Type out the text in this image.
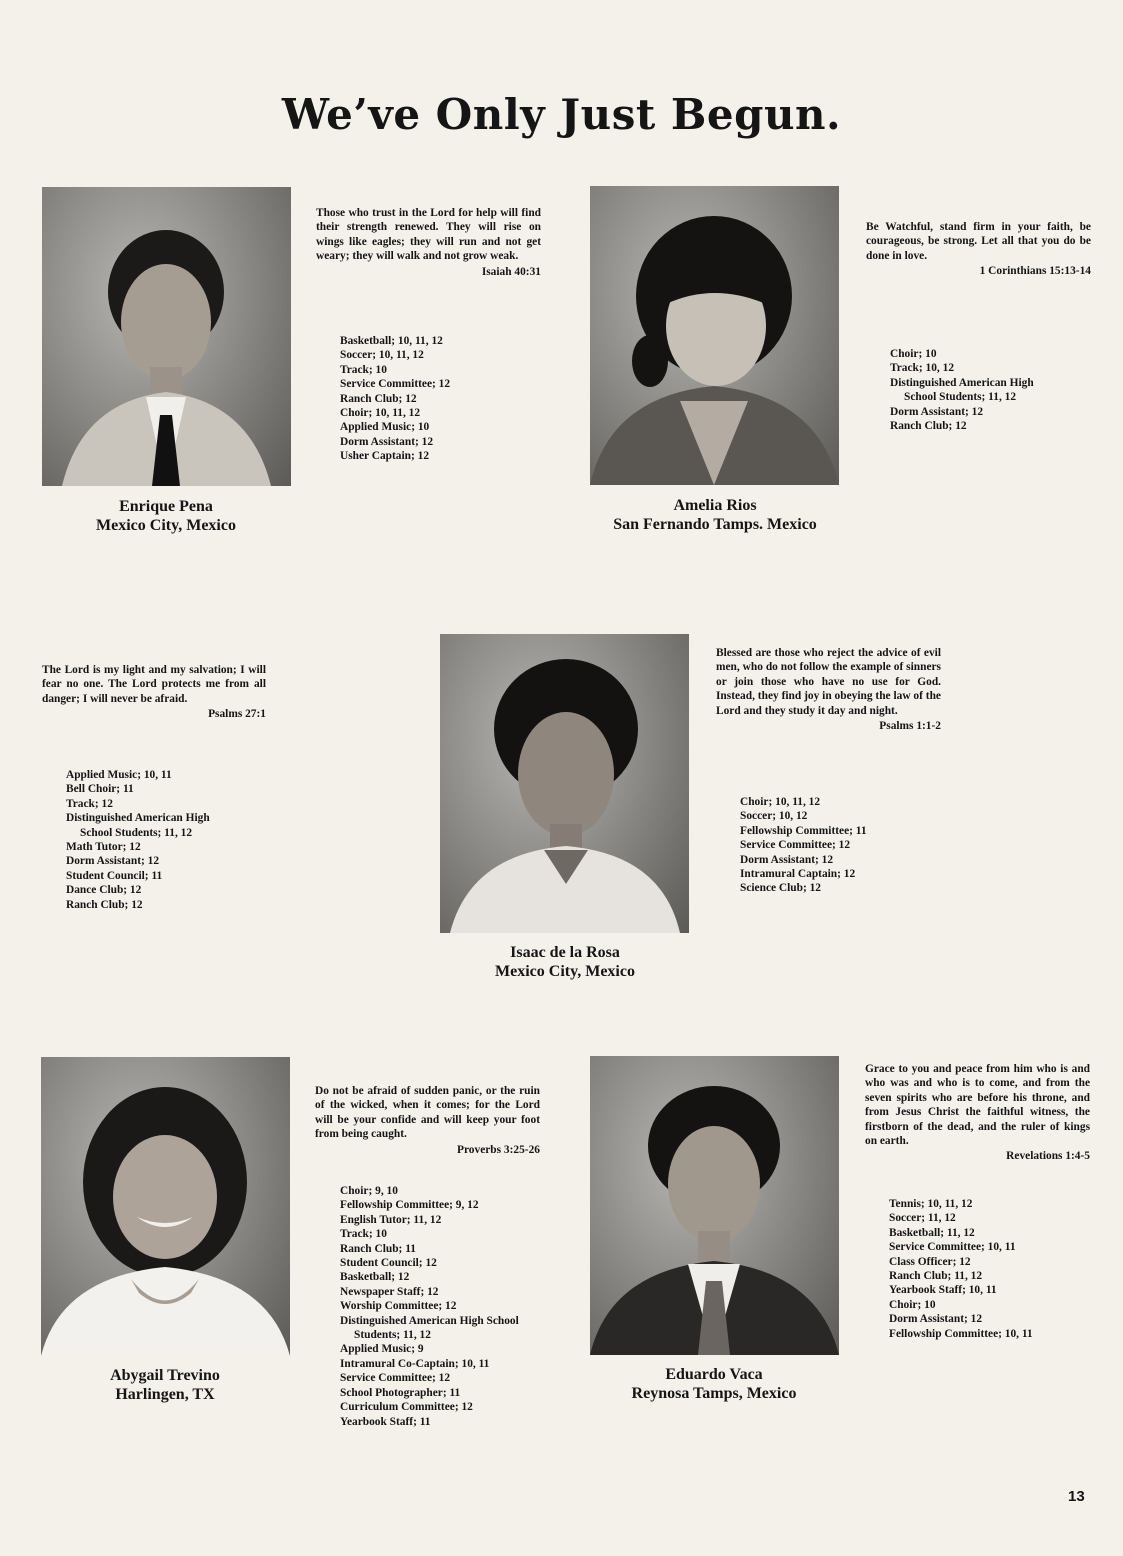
We’ve Only Just Begun.
Enrique Pena
Mexico City, Mexico
Those who trust in the Lord for help will find their strength renewed. They will rise on wings like eagles; they will run and not get weary; they will walk and not grow weak.
Isaiah 40:31
Basketball; 10, 11, 12
Soccer; 10, 11, 12
Track; 10
Service Committee; 12
Ranch Club; 12
Choir; 10, 11, 12
Applied Music; 10
Dorm Assistant; 12
Usher Captain; 12
Amelia Rios
San Fernando Tamps. Mexico
Be Watchful, stand firm in your faith, be courageous, be strong. Let all that you do be done in love.
1 Corinthians 15:13-14
Choir; 10
Track; 10, 12
Distinguished American High School Students; 11, 12
Dorm Assistant; 12
Ranch Club; 12
Isaac de la Rosa
Mexico City, Mexico
Blessed are those who reject the advice of evil men, who do not follow the example of sinners or join those who have no use for God. Instead, they find joy in obeying the law of the Lord and they study it day and night.
Psalms 1:1-2
Choir; 10, 11, 12
Soccer; 10, 12
Fellowship Committee; 11
Service Committee; 12
Dorm Assistant; 12
Intramural Captain; 12
Science Club; 12
The Lord is my light and my salvation; I will fear no one. The Lord protects me from all danger; I will never be afraid.
Psalms 27:1
Applied Music; 10, 11
Bell Choir; 11
Track; 12
Distinguished American High School Students; 11, 12
Math Tutor; 12
Dorm Assistant; 12
Student Council; 11
Dance Club; 12
Ranch Club; 12
Abygail Trevino
Harlingen, TX
Do not be afraid of sudden panic, or the ruin of the wicked, when it comes; for the Lord will be your confide and will keep your foot from being caught.
Proverbs 3:25-26
Choir; 9, 10
Fellowship Committee; 9, 12
English Tutor; 11, 12
Track; 10
Ranch Club; 11
Student Council; 12
Basketball; 12
Newspaper Staff; 12
Worship Committee; 12
Distinguished American High School Students; 11, 12
Applied Music; 9
Intramural Co-Captain; 10, 11
Service Committee; 12
School Photographer; 11
Curriculum Committee; 12
Yearbook Staff; 11
Eduardo Vaca
Reynosa Tamps, Mexico
Grace to you and peace from him who is and who was and who is to come, and from the seven spirits who are before his throne, and from Jesus Christ the faithful witness, the firstborn of the dead, and the ruler of kings on earth.
Revelations 1:4-5
Tennis; 10, 11, 12
Soccer; 11, 12
Basketball; 11, 12
Service Committee; 10, 11
Class Officer; 12
Ranch Club; 11, 12
Yearbook Staff; 10, 11
Choir; 10
Dorm Assistant; 12
Fellowship Committee; 10, 11
13
